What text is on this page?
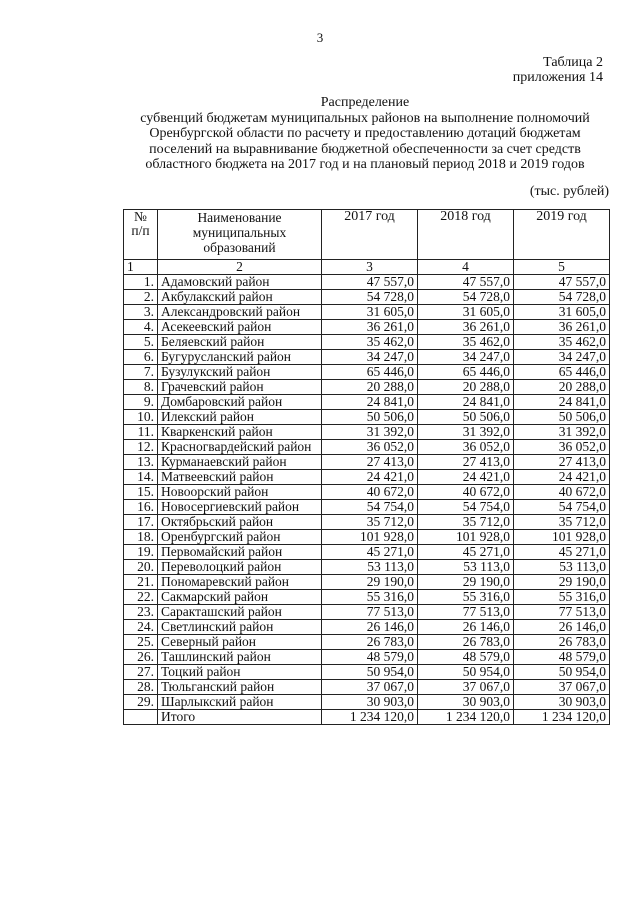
3
Таблица 2
приложения 14
Распределение
субвенций бюджетам муниципальных районов на выполнение полномочий
Оренбургской области по расчету и предоставлению дотаций бюджетам
поселений на выравнивание бюджетной обеспеченности за счет средств
областного бюджета на 2017 год и на плановый период 2018 и 2019 годов
(тыс. рублей)
№ п/п	Наименование муниципальных образований	2017 год	2018 год	2019 год
1	2	3	4	5
1.	Адамовский район	47 557,0	47 557,0	47 557,0
2.	Акбулакский район	54 728,0	54 728,0	54 728,0
3.	Александровский район	31 605,0	31 605,0	31 605,0
4.	Асекеевский район	36 261,0	36 261,0	36 261,0
5.	Беляевский район	35 462,0	35 462,0	35 462,0
6.	Бугурусланский район	34 247,0	34 247,0	34 247,0
7.	Бузулукский район	65 446,0	65 446,0	65 446,0
8.	Грачевский район	20 288,0	20 288,0	20 288,0
9.	Домбаровский район	24 841,0	24 841,0	24 841,0
10.	Илекский район	50 506,0	50 506,0	50 506,0
11.	Кваркенский район	31 392,0	31 392,0	31 392,0
12.	Красногвардейский район	36 052,0	36 052,0	36 052,0
13.	Курманаевский район	27 413,0	27 413,0	27 413,0
14.	Матвеевский район	24 421,0	24 421,0	24 421,0
15.	Новоорский район	40 672,0	40 672,0	40 672,0
16.	Новосергиевский район	54 754,0	54 754,0	54 754,0
17.	Октябрьский район	35 712,0	35 712,0	35 712,0
18.	Оренбургский район	101 928,0	101 928,0	101 928,0
19.	Первомайский район	45 271,0	45 271,0	45 271,0
20.	Переволоцкий район	53 113,0	53 113,0	53 113,0
21.	Пономаревский район	29 190,0	29 190,0	29 190,0
22.	Сакмарский район	55 316,0	55 316,0	55 316,0
23.	Саракташский район	77 513,0	77 513,0	77 513,0
24.	Светлинский район	26 146,0	26 146,0	26 146,0
25.	Северный район	26 783,0	26 783,0	26 783,0
26.	Ташлинский район	48 579,0	48 579,0	48 579,0
27.	Тоцкий район	50 954,0	50 954,0	50 954,0
28.	Тюльганский район	37 067,0	37 067,0	37 067,0
29.	Шарлыкский район	30 903,0	30 903,0	30 903,0
	Итого	1 234 120,0	1 234 120,0	1 234 120,0
